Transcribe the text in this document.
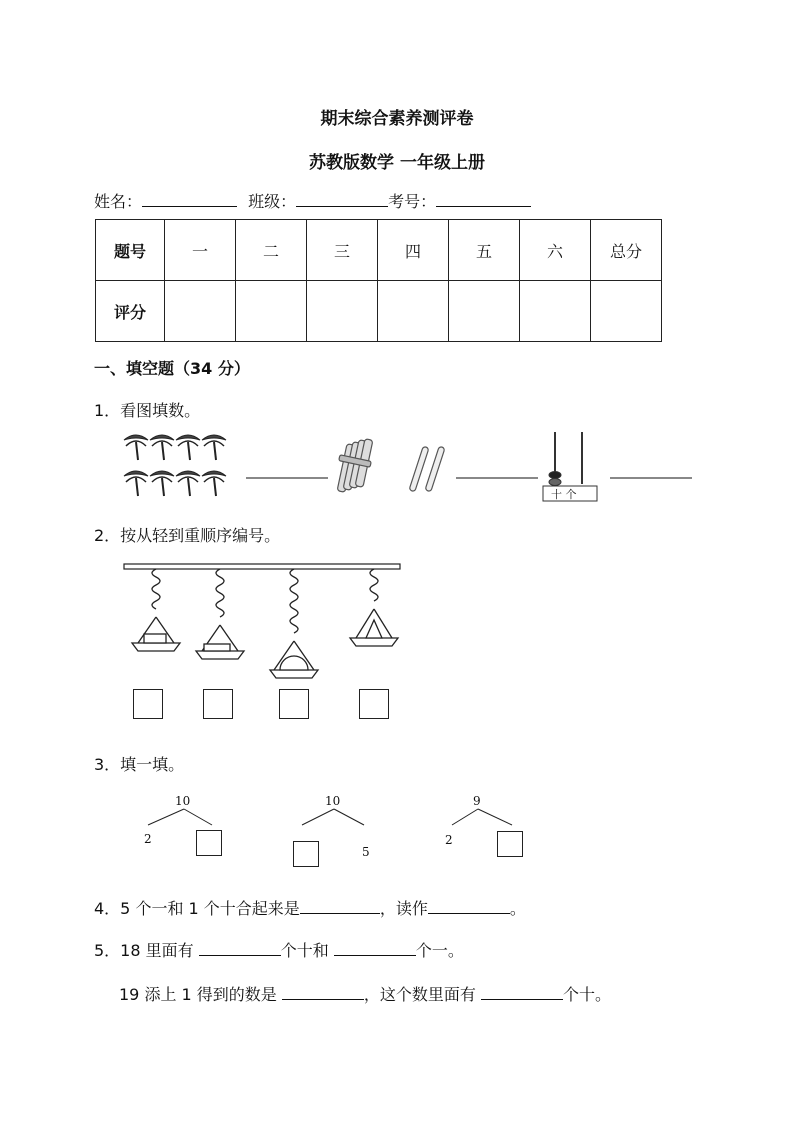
期末综合素养测评卷
苏教版数学 一年级上册
姓名：	班级：	考号：
题号	一	二	三	四	五	六	总分
评分							
一、填空题（34 分）
1．看图填数。
十 个
2．按从轻到重顺序编号。
3．填一填。
10
2
10
5
9
2
4．5 个一和 1 个十合起来是	，读作	。
5．18 里面有	个十和	个一。
19 添上 1 得到的数是	，这个数里面有	个十。
